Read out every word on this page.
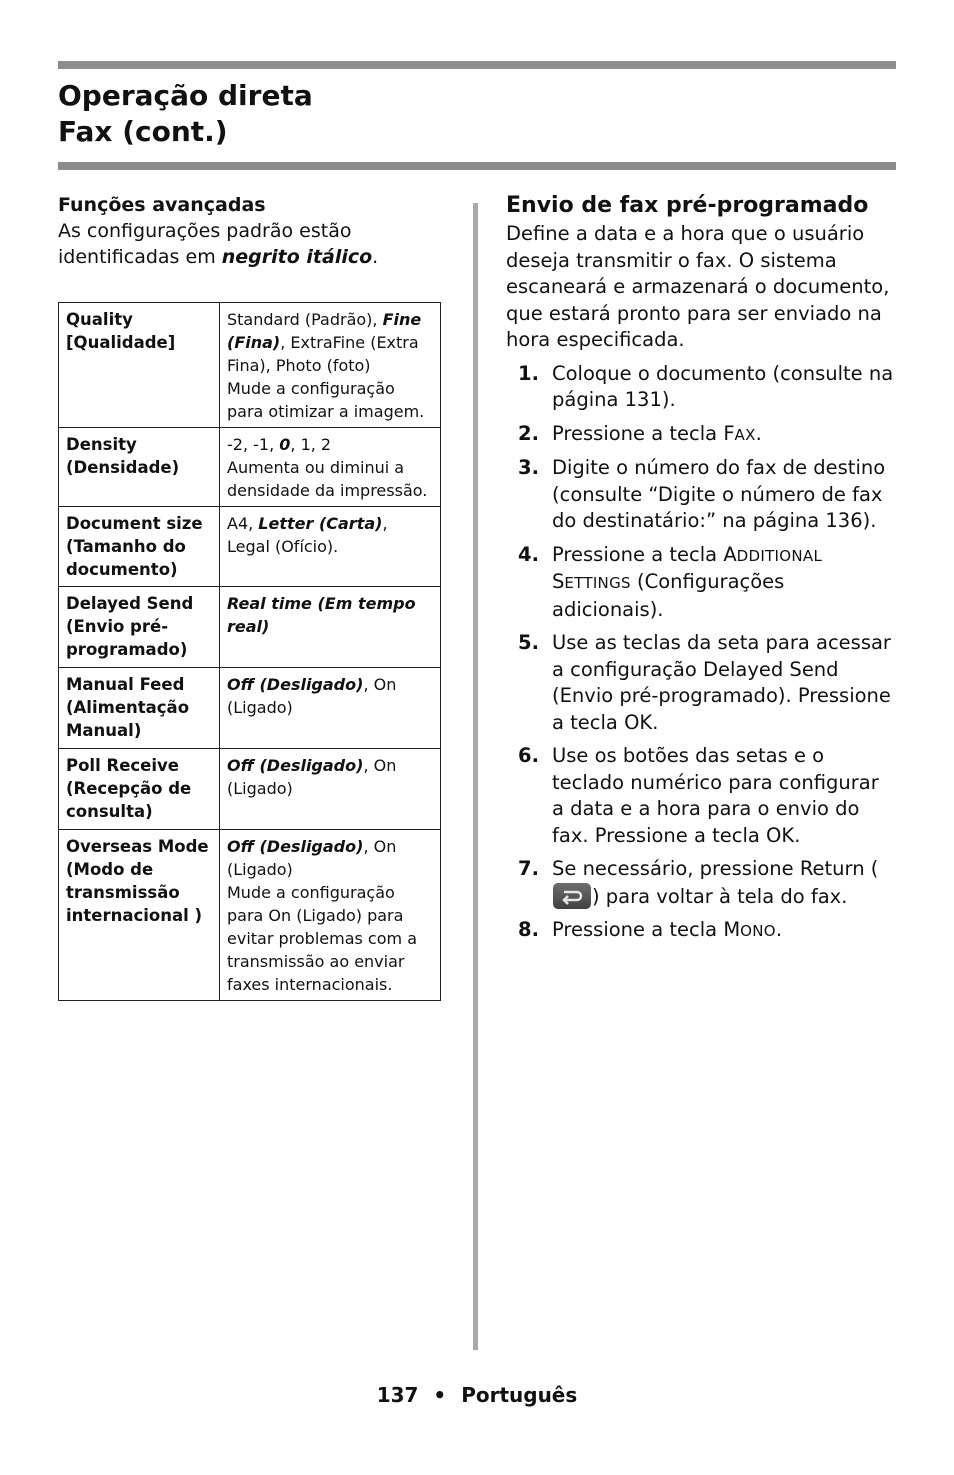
Operação direta
Fax (cont.)

Funções avançadas

As configurações padrão estão identificadas em negrito itálico.

Quality [Qualidade]	Standard (Padrão), Fine (Fina), ExtraFine (Extra Fina), Photo (foto)
Mude a configuração para otimizar a imagem.
Density (Densidade)	-2, -1, 0, 1, 2
Aumenta ou diminui a densidade da impressão.
Document size (Tamanho do documento)	A4, Letter (Carta), Legal (Ofício).
Delayed Send (Envio pré-programado)	Real time (Em tempo real)
Manual Feed (Alimentação Manual)	Off (Desligado), On (Ligado)
Poll Receive (Recepção de consulta)	Off (Desligado), On (Ligado)
Overseas Mode (Modo de transmissão internacional )	Off (Desligado), On (Ligado)
Mude a configuração para On (Ligado) para evitar problemas com a transmissão ao enviar faxes internacionais.

Envio de fax pré-programado

Define a data e a hora que o usuário deseja transmitir o fax. O sistema escaneará e armazenará o documento, que estará pronto para ser enviado na hora especificada.

1. Coloque o documento (consulte na página 131).
2. Pressione a tecla FAX.
3. Digite o número do fax de destino (consulte “Digite o número de fax do destinatário:” na página 136).
4. Pressione a tecla ADDITIONAL SETTINGS (Configurações adicionais).
5. Use as teclas da seta para acessar a configuração Delayed Send (Envio pré-programado). Pressione a tecla OK.
6. Use os botões das setas e o teclado numérico para configurar a data e a hora para o envio do fax. Pressione a tecla OK.
7. Se necessário, pressione Return () para voltar à tela do fax.
8. Pressione a tecla MONO.
137 • Português
